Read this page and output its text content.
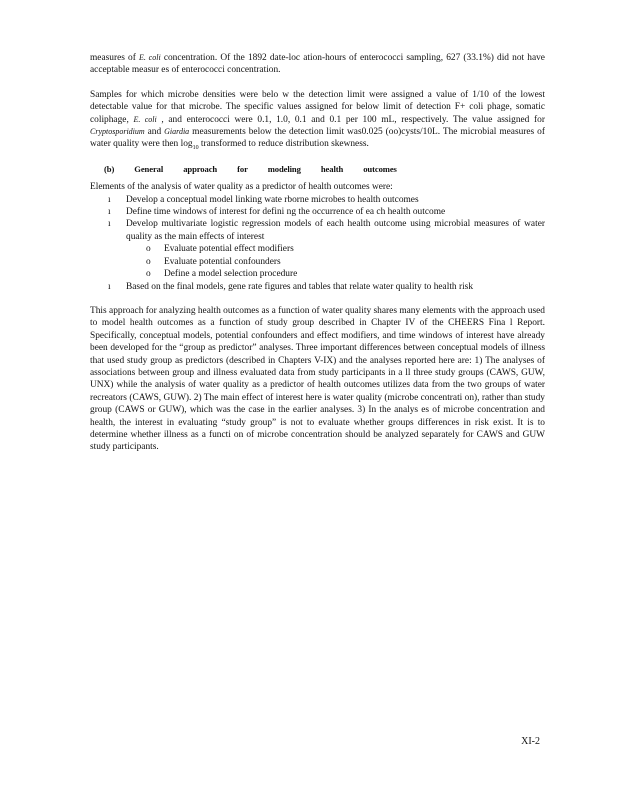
measures of E. coli concentration. Of the 1892 date-loc ation-hours of enterococci sampling, 627 (33.1%) did not have acceptable measur es of enterococci concentration.

Samples for which microbe densities were belo w the detection limit were assigned a value of 1/10 of the lowest detectable value for that microbe. The specific values assigned for below limit of detection F+ coli phage, somatic coliphage, E. coli , and enterococci were 0.1, 1.0, 0.1 and 0.1 per 100 mL, respectively. The value assigned for Cryptosporidium and Giardia measurements below the detection limit was0.025 (oo)cysts/10L. The microbial measures of water quality were then $\log_{10}$ transformed to reduce distribution skewness.

(b) General approach for modeling health outcomes

Elements of the analysis of water quality as a predictor of health outcomes were:

ı Develop a conceptual model linking wate rborne microbes to health outcomes
ı Define time windows of interest for defini ng the occurrence of ea ch health outcome
ı Develop multivariate logistic regression models of each health outcome using microbial measures of water quality as the main effects of interest
o Evaluate potential effect modifiers
o Evaluate potential confounders
o Define a model selection procedure
ı Based on the final models, gene rate figures and tables that relate water quality to health risk

This approach for analyzing health outcomes as a function of water quality shares many elements with the approach used to model health outcomes as a function of study group described in Chapter IV of the CHEERS Fina l Report. Specifically, conceptual models, potential confounders and effect modifiers, and time windows of interest have already been developed for the “group as predictor” analyses. Three important differences between conceptual models of illness that used study group as predictors (described in Chapters V-IX) and the analyses reported here are: 1) The analyses of associations between group and illness evaluated data from study participants in a ll three study groups (CAWS, GUW, UNX) while the analysis of water quality as a predictor of health outcomes utilizes data from the two groups of water recreators (CAWS, GUW). 2) The main effect of interest here is water quality (microbe concentrati on), rather than study group (CAWS or GUW), which was the case in the earlier analyses. 3) In the analys es of microbe concentration and health, the interest in evaluating “study group” is not to evaluate whether groups differences in risk exist. It is to determine whether illness as a functi on of microbe concentration should be analyzed separately for CAWS and GUW study participants.

XI-2
